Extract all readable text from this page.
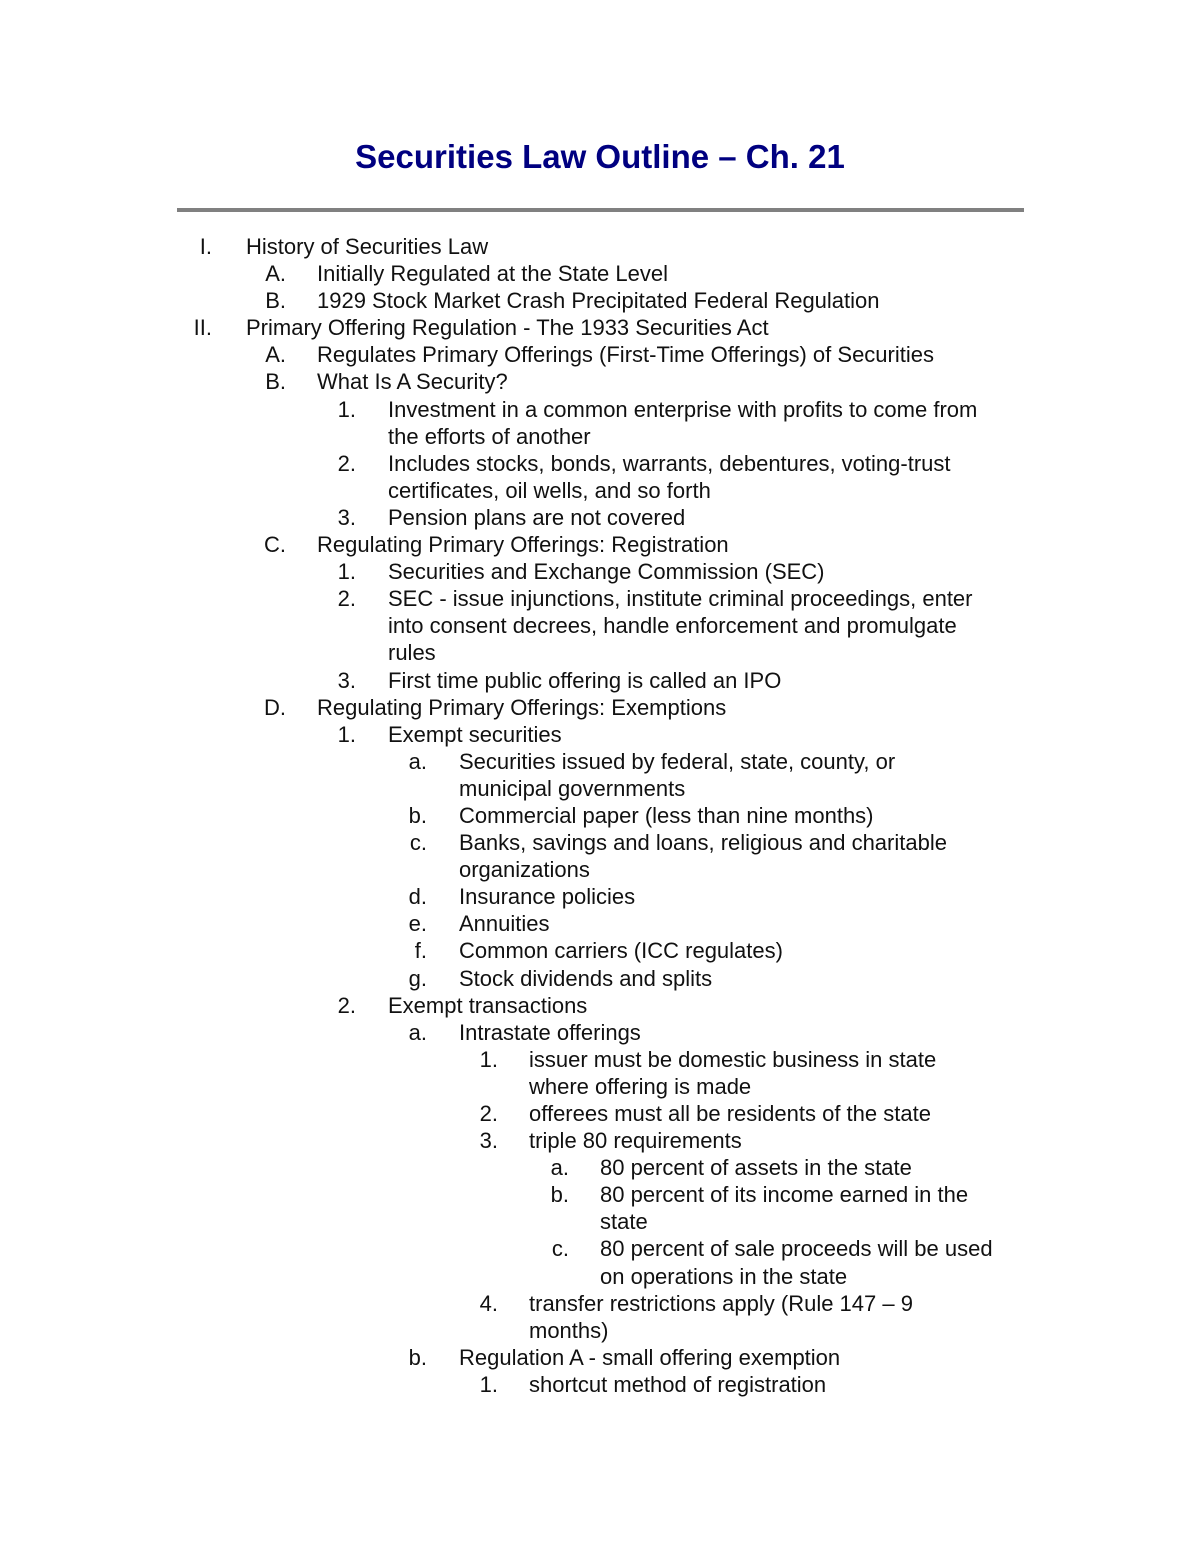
Securities Law Outline – Ch. 21
I. History of Securities Law
A. Initially Regulated at the State Level
B. 1929 Stock Market Crash Precipitated Federal Regulation
II. Primary Offering Regulation - The 1933 Securities Act
A. Regulates Primary Offerings (First-Time Offerings) of Securities
B. What Is A Security?
1. Investment in a common enterprise with profits to come from
the efforts of another
2. Includes stocks, bonds, warrants, debentures, voting-trust
certificates, oil wells, and so forth
3. Pension plans are not covered
C. Regulating Primary Offerings: Registration
1. Securities and Exchange Commission (SEC)
2. SEC - issue injunctions, institute criminal proceedings, enter
into consent decrees, handle enforcement and promulgate
rules
3. First time public offering is called an IPO
D. Regulating Primary Offerings: Exemptions
1. Exempt securities
a. Securities issued by federal, state, county, or
municipal governments
b. Commercial paper (less than nine months)
c. Banks, savings and loans, religious and charitable
organizations
d. Insurance policies
e. Annuities
f. Common carriers (ICC regulates)
g. Stock dividends and splits
2. Exempt transactions
a. Intrastate offerings
1. issuer must be domestic business in state
where offering is made
2. offerees must all be residents of the state
3. triple 80 requirements
a. 80 percent of assets in the state
b. 80 percent of its income earned in the
state
c. 80 percent of sale proceeds will be used
on operations in the state
4. transfer restrictions apply (Rule 147 – 9
months)
b. Regulation A - small offering exemption
1. shortcut method of registration
